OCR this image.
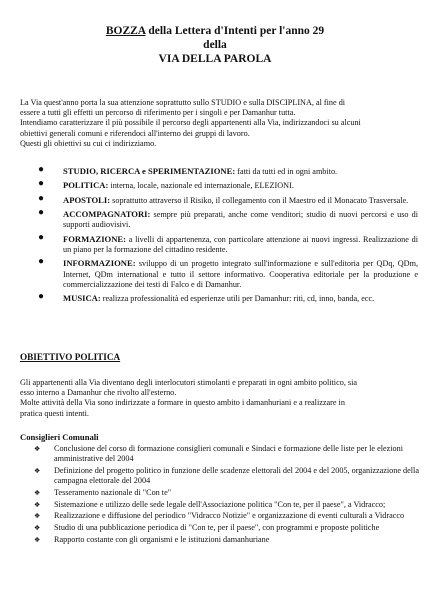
BOZZA della Lettera d'Intenti per l'anno 29
della
VIA DELLA PAROLA
La Via quest'anno porta la sua attenzione soprattutto sullo STUDIO e sulla DISCIPLINA, al fine di
essere a tutti gli effetti un percorso di riferimento per i singoli e per Damanhur tutta.
Intendiamo caratterizzare il più possibile il percorso degli appartenenti alla Via, indirizzandoci su alcuni
obiettivi generali comuni e riferendoci all'interno dei gruppi di lavoro.
Questi gli obiettivi su cui ci indirizziamo.
● STUDIO, RICERCA e SPERIMENTAZIONE: fatti da tutti ed in ogni ambito.
● POLITICA: interna, locale, nazionale ed internazionale, ELEZIONI.
● APOSTOLI: soprattutto attraverso il Risiko, il collegamento con il Maestro ed il Monacato Trasversale.
● ACCOMPAGNATORI: sempre più preparati, anche come venditori; studio di nuovi percorsi e uso di supporti audiovisivi.
● FORMAZIONE: a livelli di appartenenza, con particolare attenzione ai nuovi ingressi. Realizzazione di un piano per la formazione del cittadino residente.
● INFORMAZIONE: sviluppo di un progetto integrato sull'informazione e sull'editoria per QDq, QDm, Internet, QDm international e tutto il settore informativo. Cooperativa editoriale per la produzione e commercializzazione dei testi di Falco e di Damanhur.
● MUSICA: realizza professionalità ed esperienze utili per Damanhur: riti, cd, inno, banda, ecc.
OBIETTIVO POLITICA
Gli appartenenti alla Via diventano degli interlocutori stimolanti e preparati in ogni ambito politico, sia
esso interno a Damanhur che rivolto all'esterno.
Molte attività della Via sono indirizzate a formare in questo ambito i damanhuriani e a realizzare in
pratica questi intenti.
Consiglieri Comunali
❖ Conclusione del corso di formazione consiglieri comunali e Sindaci e formazione delle liste per le elezioni amministrative del 2004
❖ Definizione del progetto politico in funzione delle scadenze elettorali del 2004 e del 2005, organizzazione della campagna elettorale del 2004
❖ Tesseramento nazionale di "Con te"
❖ Sistemazione e utilizzo delle sede legale dell'Associazione politica "Con te, per il paese", a Vidracco;
❖ Realizzazione e diffusione del periodico "Vidracco Notizie" e organizzazione di eventi culturali a Vidracco
❖ Studio di una pubblicazione periodica di "Con te, per il paese", con programmi e proposte politiche
❖ Rapporto costante con gli organismi e le istituzioni damanhuriane
